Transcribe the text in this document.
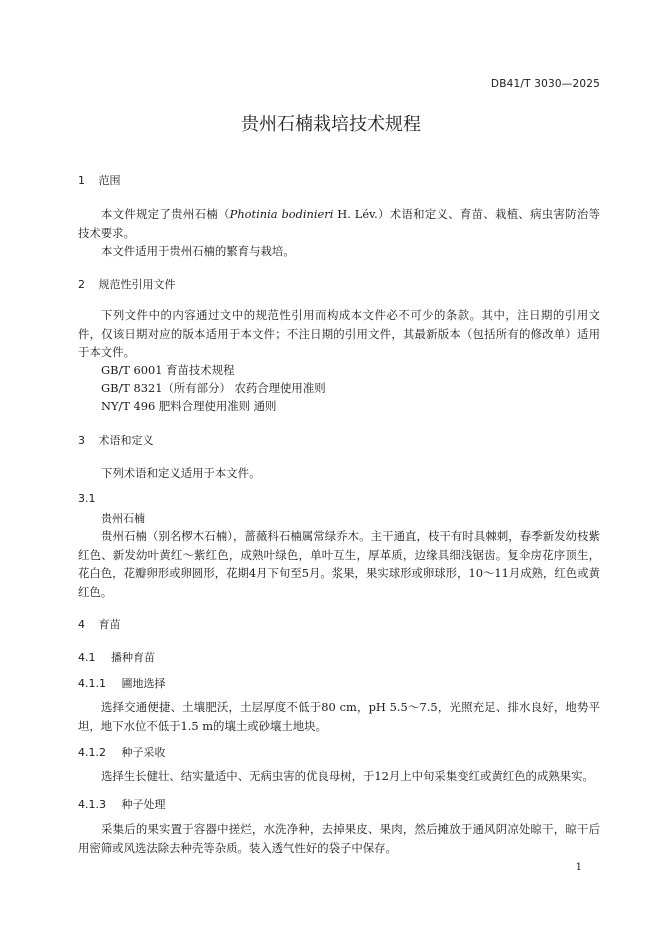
DB41/T 3030—2025
贵州石楠栽培技术规程
1 范围
本文件规定了贵州石楠（Photinia bodinieri H. Lév.）术语和定义、育苗、栽植、病虫害防治等技术要求。
本文件适用于贵州石楠的繁育与栽培。
2 规范性引用文件
下列文件中的内容通过文中的规范性引用而构成本文件必不可少的条款。其中，注日期的引用文件，仅该日期对应的版本适用于本文件；不注日期的引用文件，其最新版本（包括所有的修改单）适用于本文件。
GB/T 6001 育苗技术规程
GB/T 8321（所有部分） 农药合理使用准则
NY/T 496 肥料合理使用准则 通则
3 术语和定义
下列术语和定义适用于本文件。
3.1
贵州石楠
贵州石楠（别名椤木石楠），蔷薇科石楠属常绿乔木。主干通直，枝干有时具棘刺，春季新发幼枝紫红色、新发幼叶黄红～紫红色，成熟叶绿色，单叶互生，厚革质，边缘具细浅锯齿。复伞房花序顶生，花白色，花瓣卵形或卵圆形，花期4月下旬至5月。浆果，果实球形或卵球形，10～11月成熟，红色或黄红色。
4 育苗
4.1 播种育苗
4.1.1 圃地选择
选择交通便捷、土壤肥沃，土层厚度不低于80 cm，pH 5.5～7.5，光照充足、排水良好，地势平坦，地下水位不低于1.5 m的壤土或砂壤土地块。
4.1.2 种子采收
选择生长健壮、结实量适中、无病虫害的优良母树，于12月上中旬采集变红或黄红色的成熟果实。
4.1.3 种子处理
采集后的果实置于容器中搓烂，水洗净种，去掉果皮、果肉，然后摊放于通风阴凉处晾干，晾干后用密筛或风选法除去种壳等杂质。装入透气性好的袋子中保存。
1
